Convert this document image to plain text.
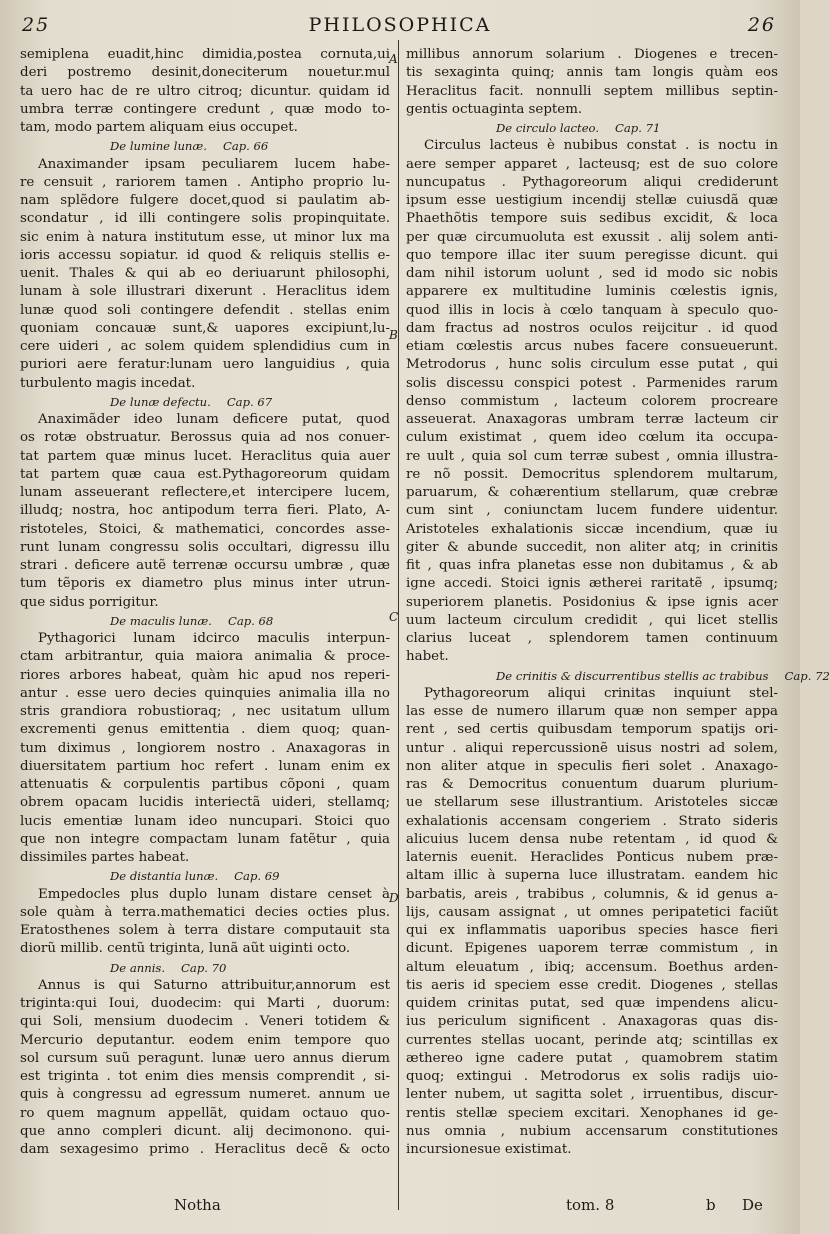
25	PHILOSOPHICA	26
semiplena euadit,hinc dimidia,postea cornuta,ui
deri postremo desinit,doneciterum nouetur.mul
ta uero hac de re ultro citroq; dicuntur. quidam id
umbra terræ contingere credunt , quæ modo to-
tam, modo partem aliquam eius occupet.
De lumine lunæ. Cap. 66
Anaximander ipsam peculiarem lucem habe-
re censuit , rariorem tamen . Antipho proprio lu-
nam splẽdore fulgere docet,quod si paulatim ab-
scondatur , id illi contingere solis propinquitate.
sic enim à natura institutum esse, ut minor lux ma
ioris accessu sopiatur. id quod & reliquis stellis e-
uenit. Thales & qui ab eo deriuarunt philosophi,
lunam à sole illustrari dixerunt . Heraclitus idem
lunæ quod soli contingere defendit . stellas enim
quoniam concauæ sunt,& uapores excipiunt,lu-
cere uideri , ac solem quidem splendidius cum in
puriori aere feratur:lunam uero languidius , quia
turbulento magis incedat.
De lunæ defectu. Cap. 67
Anaximãder ideo lunam deficere putat, quod
os rotæ obstruatur. Berossus quia ad nos conuer-
tat partem quæ minus lucet. Heraclitus quia auer
tat partem quæ caua est.Pythagoreorum quidam
lunam asseuerant reflectere,et intercipere lucem,
illudq; nostra, hoc antipodum terra fieri. Plato, A-
ristoteles, Stoici, & mathematici, concordes asse-
runt lunam congressu solis occultari, digressu illu
strari . deficere autẽ terrenæ occursu umbræ , quæ
tum tẽporis ex diametro plus minus inter utrun-
que sidus porrigitur.
De maculis lunæ. Cap. 68
Pythagorici lunam idcirco maculis interpun-
ctam arbitrantur, quia maiora animalia & proce-
riores arbores habeat, quàm hic apud nos reperi-
antur . esse uero decies quinquies animalia illa no
stris grandiora robustioraq; , nec usitatum ullum
excrementi genus emittentia . diem quoq; quan-
tum diximus , longiorem nostro . Anaxagoras in
diuersitatem partium hoc refert . lunam enim ex
attenuatis & corpulentis partibus cõponi , quam
obrem opacam lucidis interiectã uideri, stellamq;
lucis ementiæ lunam ideo nuncupari. Stoici quo
que non integre compactam lunam fatẽtur , quia
dissimiles partes habeat.
De distantia lunæ. Cap. 69
Empedocles plus duplo lunam distare censet à
sole quàm à terra.mathematici decies octies plus.
Eratosthenes solem à terra distare computauit sta
diorũ millib. centũ triginta, lunã aũt uiginti octo.
De annis. Cap. 70
Annus is qui Saturno attribuitur,annorum est
triginta:qui Ioui, duodecim: qui Marti , duorum:
qui Soli, mensium duodecim . Veneri totidem &
Mercurio deputantur. eodem enim tempore quo
sol cursum suũ peragunt. lunæ uero annus dierum
est triginta . tot enim dies mensis comprendit , si-
quis à congressu ad egressum numeret. annum ue
ro quem magnum appellãt, quidam octauo quo-
que anno compleri dicunt. alij decimonono. qui-
dam sexagesimo primo . Heraclitus decẽ & octo
millibus annorum solarium . Diogenes e trecen-
tis sexaginta quinq; annis tam longis quàm eos
Heraclitus facit. nonnulli septem millibus septin-
gentis octuaginta septem.
De circulo lacteo. Cap. 71
Circulus lacteus è nubibus constat . is noctu in
aere semper apparet , lacteusq; est de suo colore
nuncupatus . Pythagoreorum aliqui crediderunt
ipsum esse uestigium incendij stellæ cuiusdã quæ
Phaethõtis tempore suis sedibus excidit, & loca
per quæ circumuoluta est exussit . alij solem anti-
quo tempore illac iter suum peregisse dicunt. qui
dam nihil istorum uolunt , sed id modo sic nobis
apparere ex multitudine luminis cœlestis ignis,
quod illis in locis à cœlo tanquam à speculo quo-
dam fractus ad nostros oculos reijcitur . id quod
etiam cœlestis arcus nubes facere consueuerunt.
Metrodorus , hunc solis circulum esse putat , qui
solis discessu conspici potest . Parmenides rarum
denso commistum , lacteum colorem procreare
asseuerat. Anaxagoras umbram terræ lacteum cir
culum existimat , quem ideo cœlum ita occupa-
re uult , quia sol cum terræ subest , omnia illustra-
re nõ possit. Democritus splendorem multarum,
paruarum, & cohærentium stellarum, quæ crebræ
cum sint , coniunctam lucem fundere uidentur.
Aristoteles exhalationis siccæ incendium, quæ iu
giter & abunde succedit, non aliter atq; in crinitis
fit , quas infra planetas esse non dubitamus , & ab
igne accedi. Stoici ignis ætherei raritatẽ , ipsumq;
superiorem planetis. Posidonius & ipse ignis acer
uum lacteum circulum credidit , qui licet stellis
clarius luceat , splendorem tamen continuum
habet.
De crinitis & discurrentibus stellis ac trabibus Cap. 72
Pythagoreorum aliqui crinitas inquiunt stel-
las esse de numero illarum quæ non semper appa
rent , sed certis quibusdam temporum spatijs ori-
untur . aliqui repercussionẽ uisus nostri ad solem,
non aliter atque in speculis fieri solet . Anaxago-
ras & Democritus conuentum duarum plurium-
ue stellarum sese illustrantium. Aristoteles siccæ
exhalationis accensam congeriem . Strato sideris
alicuius lucem densa nube retentam , id quod &
laternis euenit. Heraclides Ponticus nubem præ-
altam illic à superna luce illustratam. eandem hic
barbatis, areis , trabibus , columnis, & id genus a-
lijs, causam assignat , ut omnes peripatetici faciũt
qui ex inflammatis uaporibus species hasce fieri
dicunt. Epigenes uaporem terræ commistum , in
altum eleuatum , ibiq; accensum. Boethus arden-
tis aeris id speciem esse credit. Diogenes , stellas
quidem crinitas putat, sed quæ impendens alicu-
ius periculum significent . Anaxagoras quas dis-
currentes stellas uocant, perinde atq; scintillas ex
æthereo igne cadere putat , quamobrem statim
quoq; extingui . Metrodorus ex solis radijs uio-
lenter nubem, ut sagitta solet , irruentibus, discur-
rentis stellæ speciem excitari. Xenophanes id ge-
nus omnia , nubium accensarum constitutiones
incursionesue existimat.
A
B
C
D
Notha	tom. 8	b De
